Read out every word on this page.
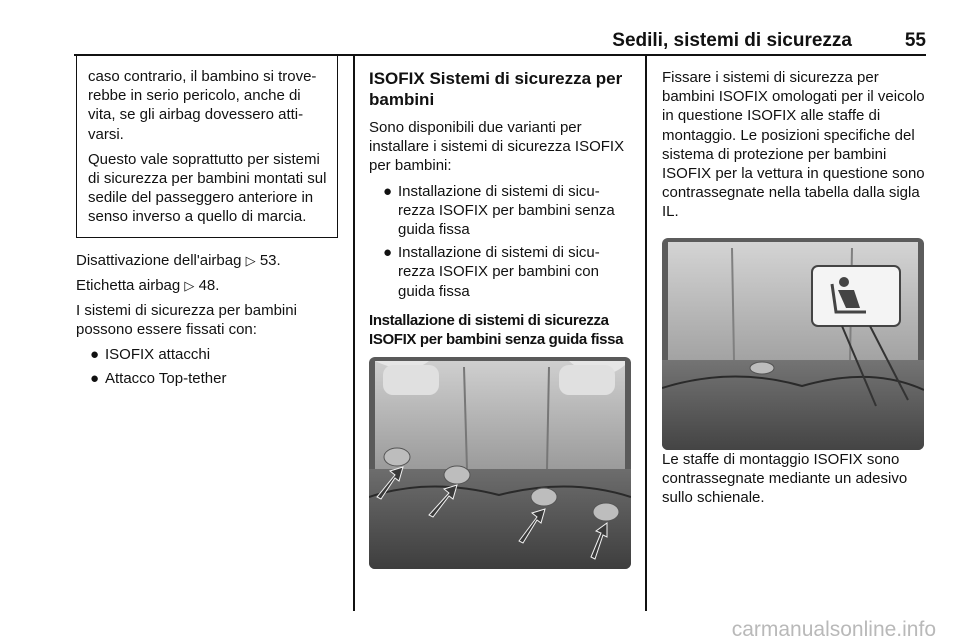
Sedili, sistemi di sicurezza	55

caso contrario, il bambino si trove-rebbe in serio pericolo, anche di vita, se gli airbag dovessero atti-varsi.

Questo vale soprattutto per sistemi di sicurezza per bambini montati sul sedile del passeggero anteriore in senso inverso a quello di marcia.

Disattivazione dell'airbag ▷ 53.

Etichetta airbag ▷ 48.

I sistemi di sicurezza per bambini possono essere fissati con:

● ISOFIX attacchi
● Attacco Top-tether
ISOFIX Sistemi di sicurezza per bambini

Sono disponibili due varianti per installare i sistemi di sicurezza ISOFIX per bambini:

● Installazione di sistemi di sicu-rezza ISOFIX per bambini senza guida fissa
● Installazione di sistemi di sicu-rezza ISOFIX per bambini con guida fissa
Installazione di sistemi di sicurezza ISOFIX per bambini senza guida fissa

Fissare i sistemi di sicurezza per bambini ISOFIX omologati per il veicolo in questione ISOFIX alle staffe di montaggio. Le posizioni specifiche del sistema di protezione per bambini ISOFIX per la vettura in questione sono contrassegnate nella tabella dalla sigla IL.

Le staffe di montaggio ISOFIX sono contrassegnate mediante un adesivo sullo schienale.

carmanualsonline.info
